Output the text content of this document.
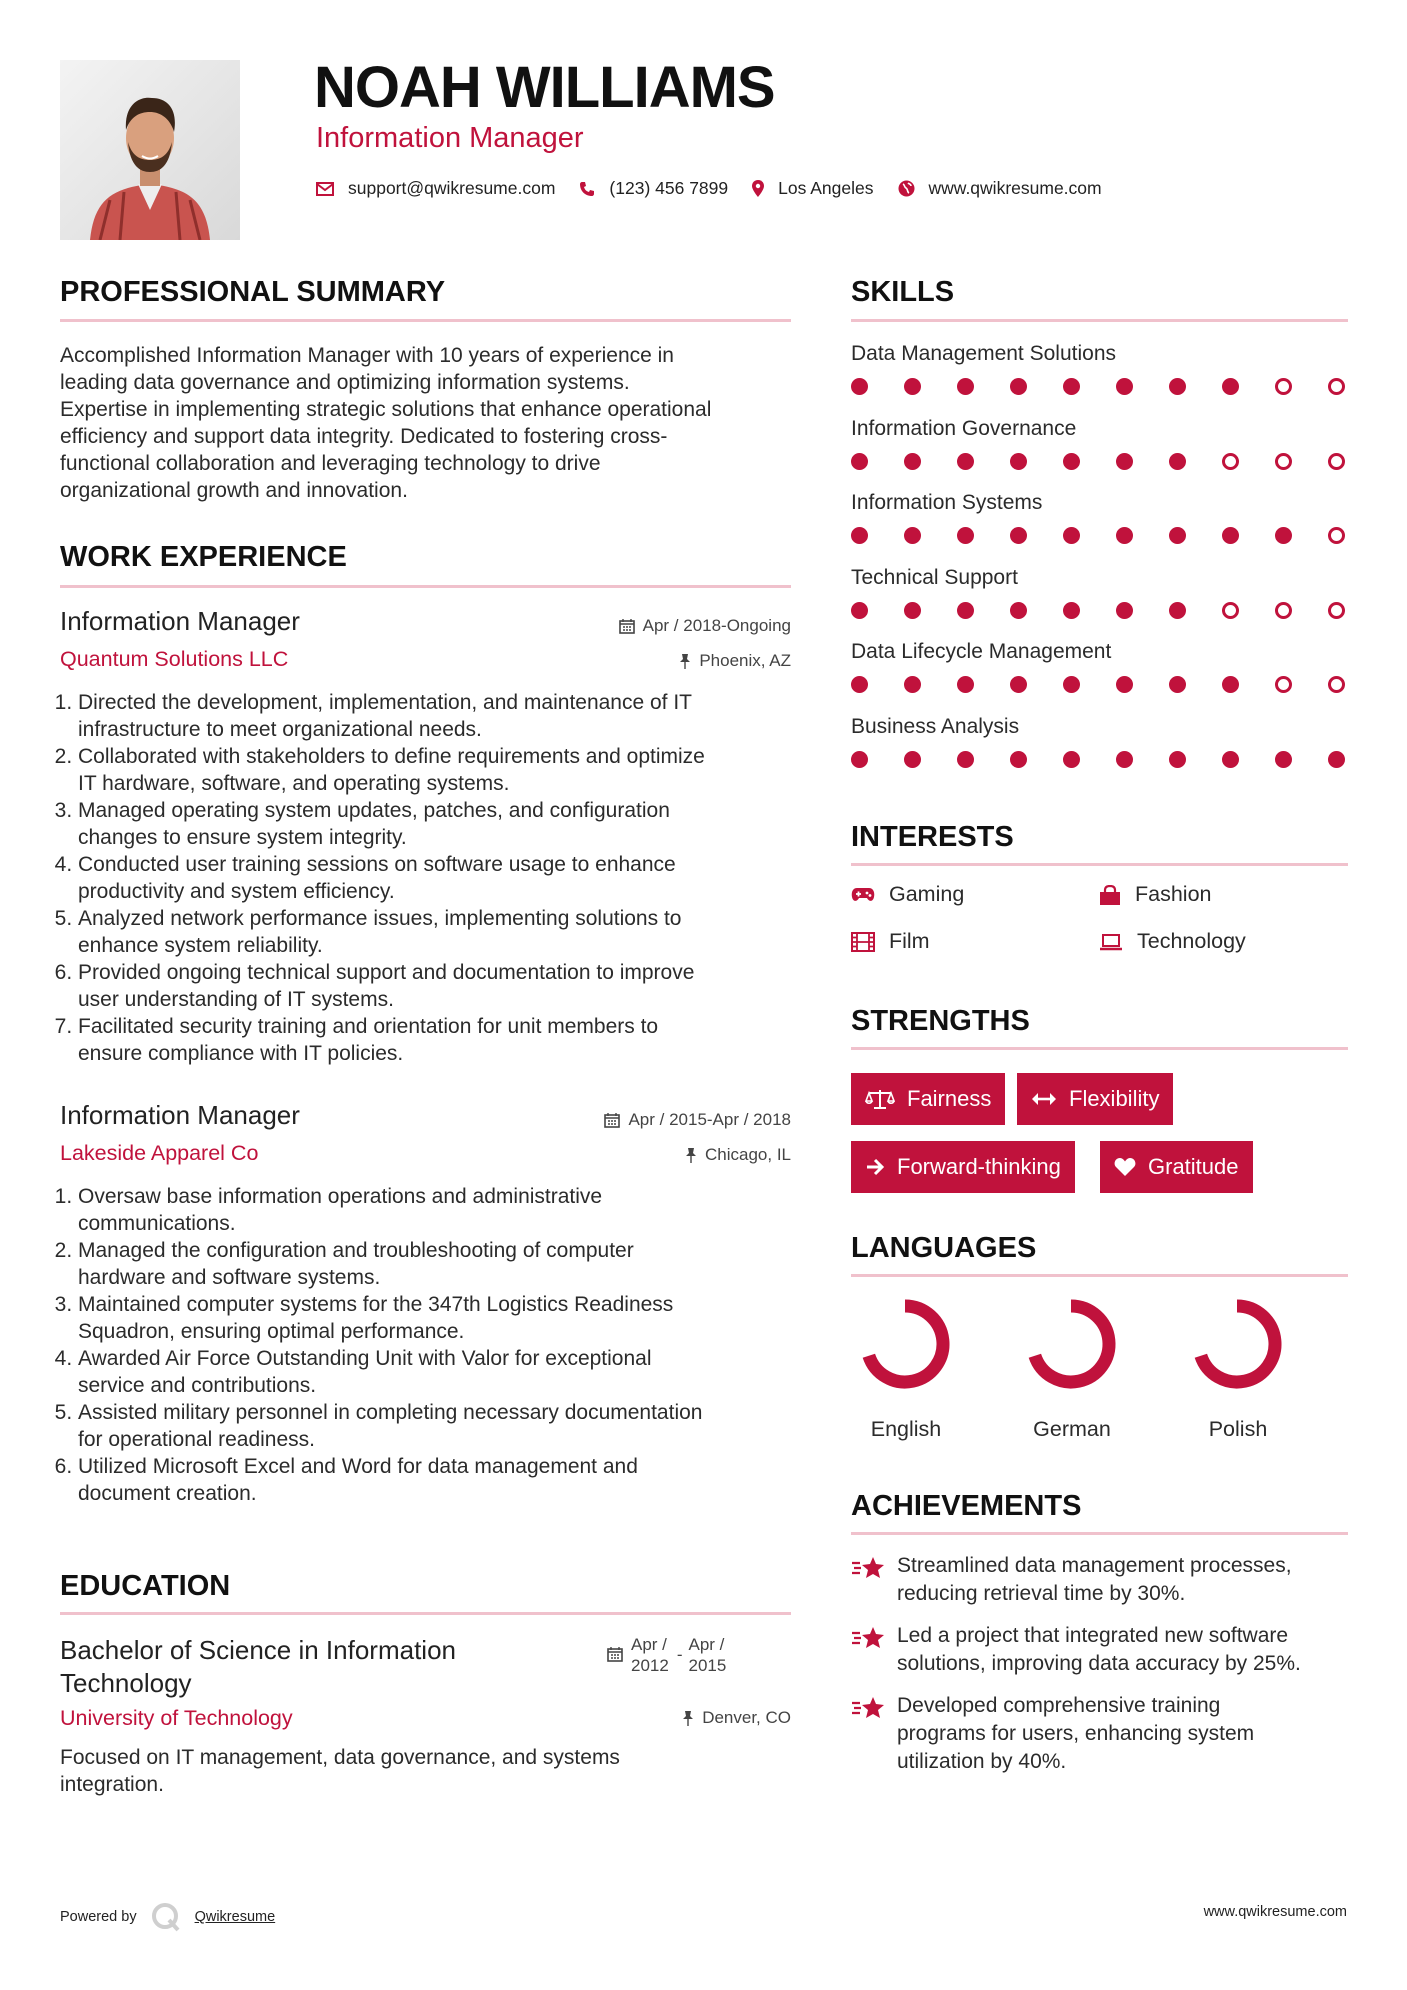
NOAH WILLIAMS
Information Manager
support@qwikresume.com	(123) 456 7899	Los Angeles	www.qwikresume.com
PROFESSIONAL SUMMARY
Accomplished Information Manager with 10 years of experience in
leading data governance and optimizing information systems.
Expertise in implementing strategic solutions that enhance operational
efficiency and support data integrity. Dedicated to fostering cross-
functional collaboration and leveraging technology to drive
organizational growth and innovation.
WORK EXPERIENCE
Information Manager	Apr / 2018-Ongoing
Quantum Solutions LLC	Phoenix, AZ
1. Directed the development, implementation, and maintenance of IT
infrastructure to meet organizational needs.
2. Collaborated with stakeholders to define requirements and optimize
IT hardware, software, and operating systems.
3. Managed operating system updates, patches, and configuration
changes to ensure system integrity.
4. Conducted user training sessions on software usage to enhance
productivity and system efficiency.
5. Analyzed network performance issues, implementing solutions to
enhance system reliability.
6. Provided ongoing technical support and documentation to improve
user understanding of IT systems.
7. Facilitated security training and orientation for unit members to
ensure compliance with IT policies.
Information Manager	Apr / 2015-Apr / 2018
Lakeside Apparel Co	Chicago, IL
1. Oversaw base information operations and administrative
communications.
2. Managed the configuration and troubleshooting of computer
hardware and software systems.
3. Maintained computer systems for the 347th Logistics Readiness
Squadron, ensuring optimal performance.
4. Awarded Air Force Outstanding Unit with Valor for exceptional
service and contributions.
5. Assisted military personnel in completing necessary documentation
for operational readiness.
6. Utilized Microsoft Excel and Word for data management and
document creation.
EDUCATION
Bachelor of Science in Information
Technology
Apr /
2012
-
Apr /
2015
University of Technology	Denver, CO
Focused on IT management, data governance, and systems
integration.
SKILLS
Data Management Solutions
Information Governance
Information Systems
Technical Support
Data Lifecycle Management
Business Analysis
INTERESTS
Gaming	Fashion
Film	Technology
STRENGTHS
Fairness	Flexibility
Forward-thinking	Gratitude
LANGUAGES
English	German	Polish
ACHIEVEMENTS
Streamlined data management processes,
reducing retrieval time by 30%.
Led a project that integrated new software
solutions, improving data accuracy by 25%.
Developed comprehensive training
programs for users, enhancing system
utilization by 40%.
Powered by	Qwikresume	www.qwikresume.com
